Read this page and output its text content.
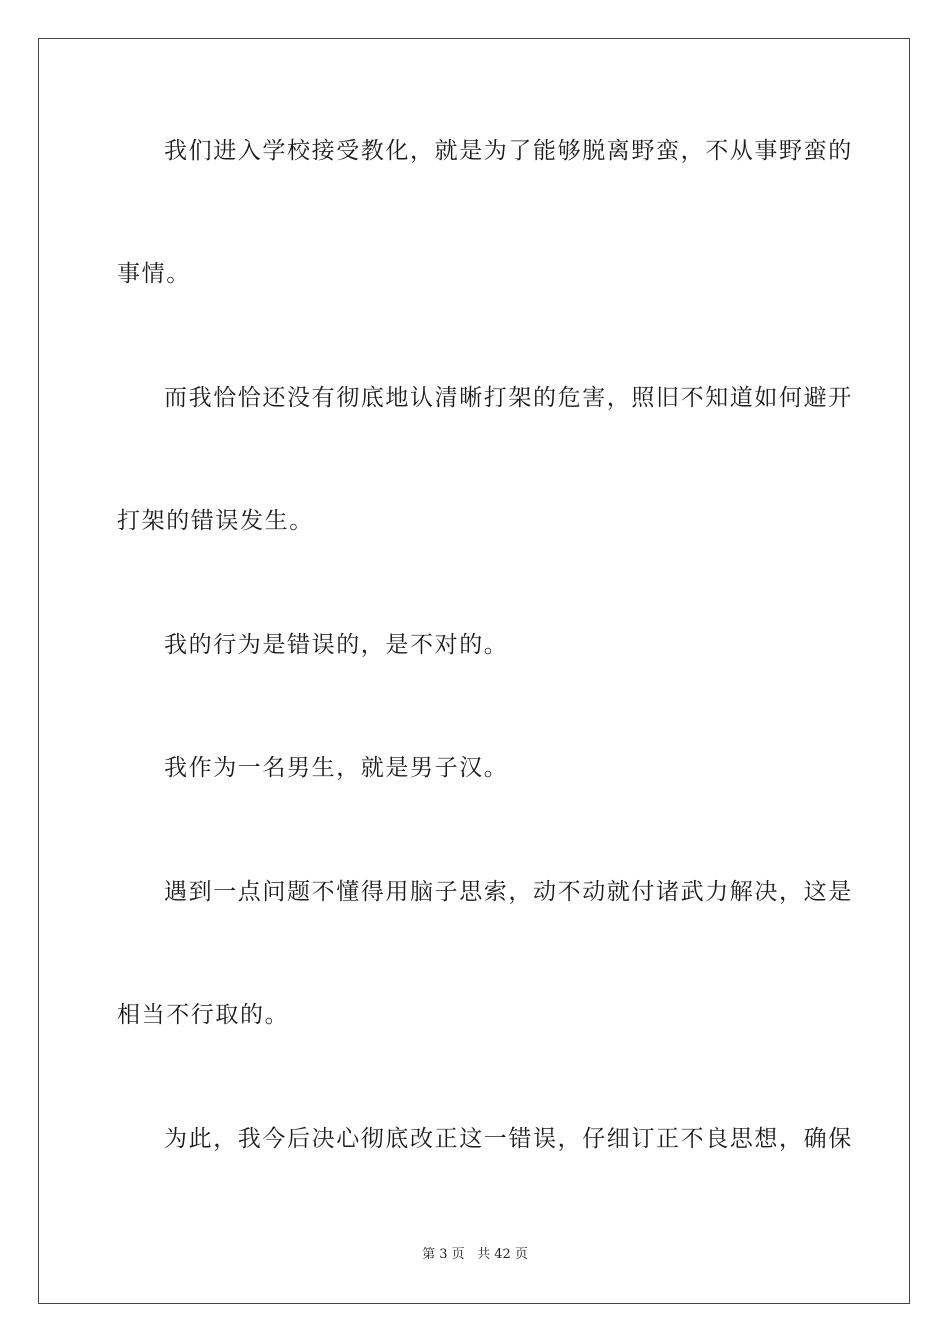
我们进入学校接受教化，就是为了能够脱离野蛮，不从事野蛮的

事情。

而我恰恰还没有彻底地认清晰打架的危害，照旧不知道如何避开

打架的错误发生。

我的行为是错误的，是不对的。

我作为一名男生，就是男子汉。

遇到一点问题不懂得用脑子思索，动不动就付诸武力解决，这是

相当不行取的。

为此，我今后决心彻底改正这一错误，仔细订正不良思想，确保

第 3 页 共 42 页
